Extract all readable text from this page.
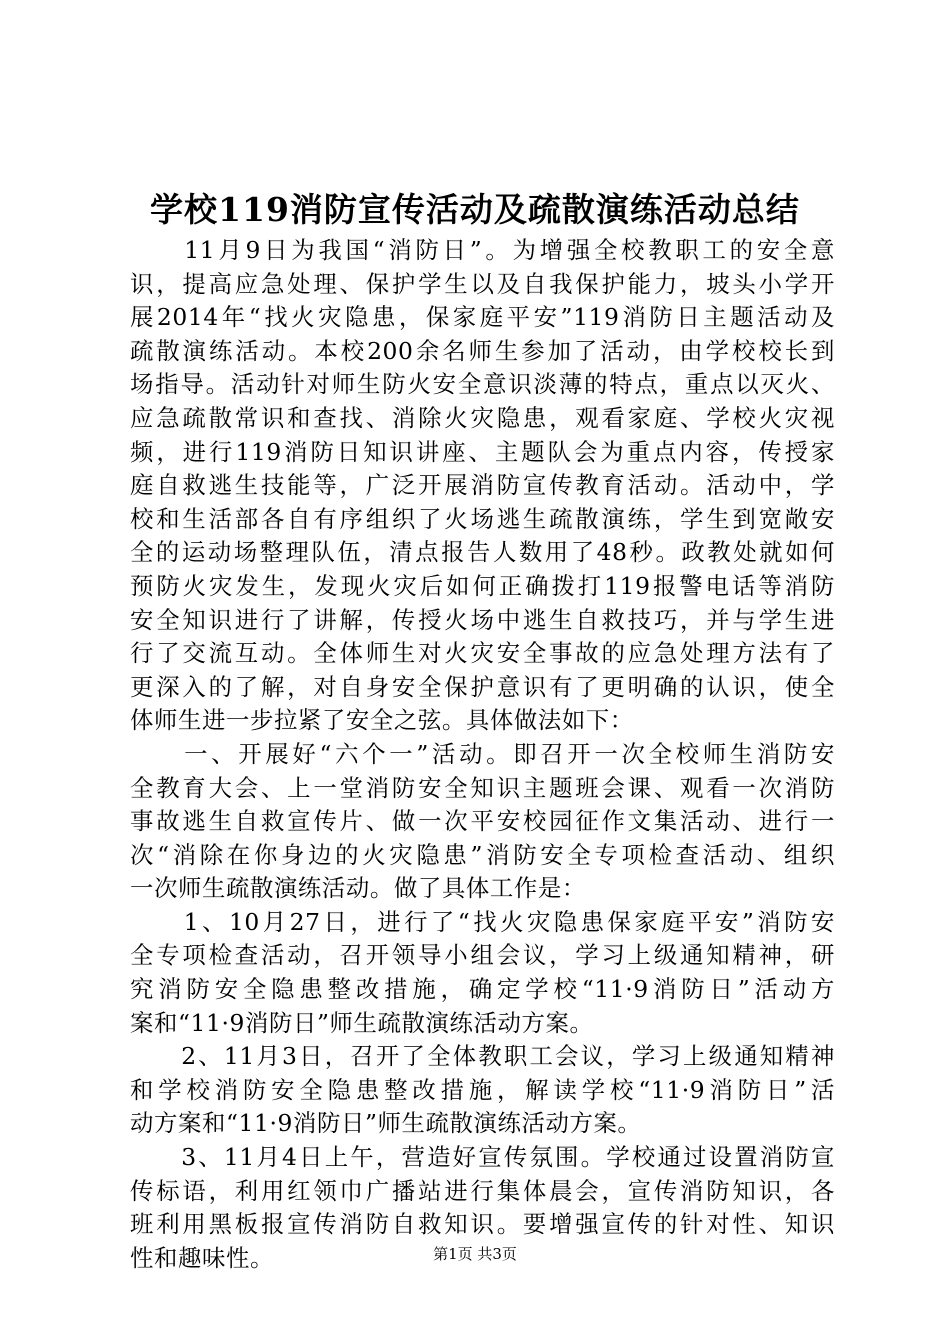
学校119消防宣传活动及疏散演练活动总结
　　11月9日为我国“消防日”。为增强全校教职工的安全意
识，提高应急处理、保护学生以及自我保护能力，坡头小学开
展2014年“找火灾隐患，保家庭平安”119消防日主题活动及
疏散演练活动。本校200余名师生参加了活动，由学校校长到
场指导。活动针对师生防火安全意识淡薄的特点，重点以灭火、
应急疏散常识和查找、消除火灾隐患，观看家庭、学校火灾视
频，进行119消防日知识讲座、主题队会为重点内容，传授家
庭自救逃生技能等，广泛开展消防宣传教育活动。活动中，学
校和生活部各自有序组织了火场逃生疏散演练，学生到宽敞安
全的运动场整理队伍，清点报告人数用了48秒。政教处就如何
预防火灾发生，发现火灾后如何正确拨打119报警电话等消防
安全知识进行了讲解，传授火场中逃生自救技巧，并与学生进
行了交流互动。全体师生对火灾安全事故的应急处理方法有了
更深入的了解，对自身安全保护意识有了更明确的认识，使全
体师生进一步拉紧了安全之弦。具体做法如下：
　　一、开展好“六个一”活动。即召开一次全校师生消防安
全教育大会、上一堂消防安全知识主题班会课、观看一次消防
事故逃生自救宣传片、做一次平安校园征作文集活动、进行一
次“消除在你身边的火灾隐患”消防安全专项检查活动、组织
一次师生疏散演练活动。做了具体工作是：
　　1、10月27日，进行了“找火灾隐患保家庭平安”消防安
全专项检查活动，召开领导小组会议，学习上级通知精神，研
究消防安全隐患整改措施，确定学校“11·9消防日”活动方
案和“11·9消防日”师生疏散演练活动方案。
　　2、11月3日，召开了全体教职工会议，学习上级通知精神
和学校消防安全隐患整改措施，解读学校“11·9消防日”活
动方案和“11·9消防日”师生疏散演练活动方案。
　　3、11月4日上午，营造好宣传氛围。学校通过设置消防宣
传标语，利用红领巾广播站进行集体晨会，宣传消防知识，各
班利用黑板报宣传消防自救知识。要增强宣传的针对性、知识
性和趣味性。	第1页 共3页
